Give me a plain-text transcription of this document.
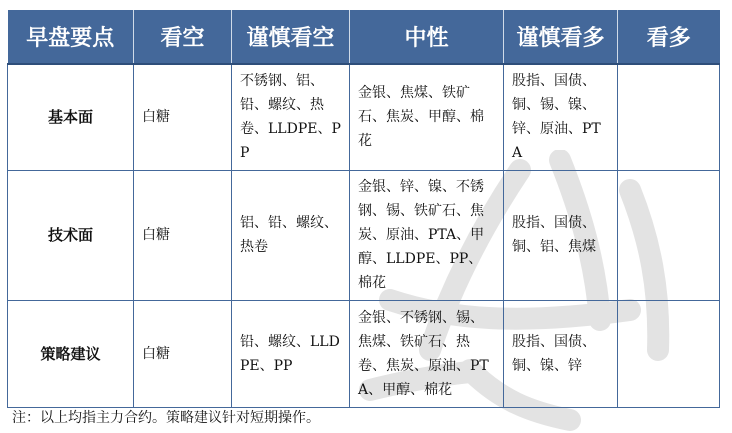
早盘要点	看空	谨慎看空	中性	谨慎看多	看多
基本面	白糖	不锈钢、铝、铅、螺纹、热卷、LLDPE、PP	金银、焦煤、铁矿石、焦炭、甲醇、棉花	股指、国债、铜、锡、镍、锌、原油、PTA	

技术面	白糖	铝、铅、螺纹、热卷	金银、锌、镍、不锈钢、锡、铁矿石、焦炭、原油、PTA、甲醇、LLDPE、PP、棉花	股指、国债、铜、铝、焦煤	

策略建议	白糖	铅、螺纹、LLDPE、PP	金银、不锈钢、锡、焦煤、铁矿石、热卷、焦炭、原油、PTA、甲醇、棉花	股指、国债、铜、镍、锌	

注：以上均指主力合约。策略建议针对短期操作。
